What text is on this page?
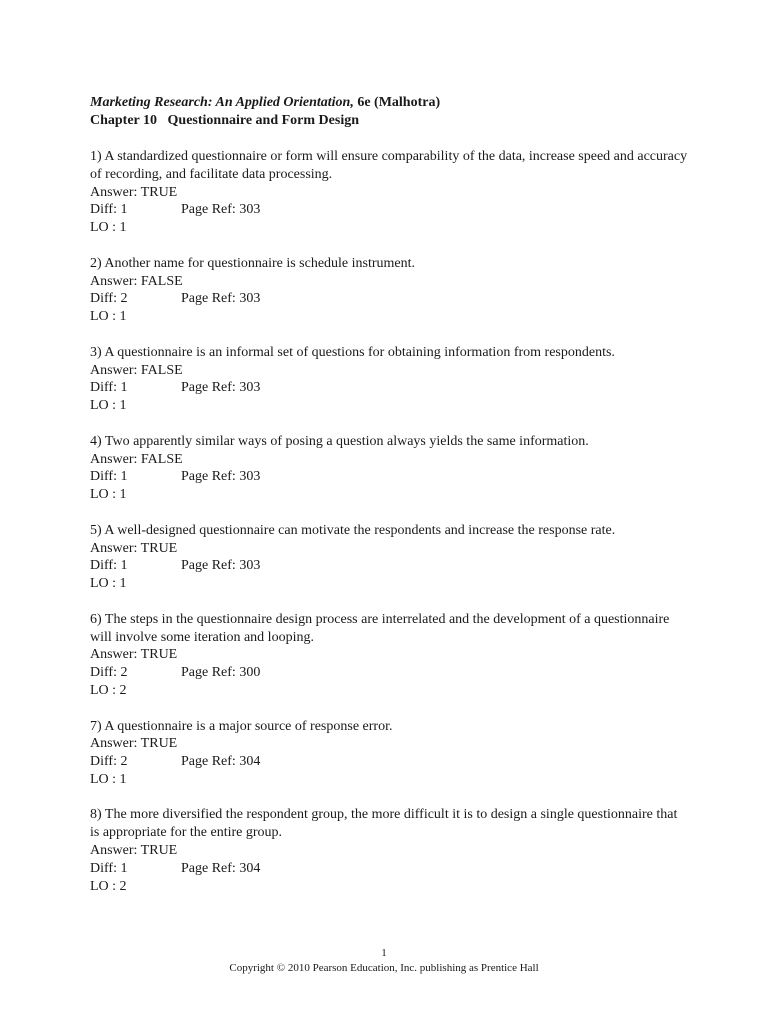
Marketing Research: An Applied Orientation, 6e (Malhotra)
Chapter 10   Questionnaire and Form Design
1) A standardized questionnaire or form will ensure comparability of the data, increase speed and accuracy of recording, and facilitate data processing.
Answer: TRUE
Diff: 1	Page Ref: 303
LO : 1
2) Another name for questionnaire is schedule instrument.
Answer: FALSE
Diff: 2	Page Ref: 303
LO : 1
3) A questionnaire is an informal set of questions for obtaining information from respondents.
Answer: FALSE
Diff: 1	Page Ref: 303
LO : 1
4) Two apparently similar ways of posing a question always yields the same information.
Answer: FALSE
Diff: 1	Page Ref: 303
LO : 1
5) A well-designed questionnaire can motivate the respondents and increase the response rate.
Answer: TRUE
Diff: 1	Page Ref: 303
LO : 1
6) The steps in the questionnaire design process are interrelated and the development of a questionnaire will involve some iteration and looping.
Answer: TRUE
Diff: 2	Page Ref: 300
LO : 2
7) A questionnaire is a major source of response error.
Answer: TRUE
Diff: 2	Page Ref: 304
LO : 1
8) The more diversified the respondent group, the more difficult it is to design a single questionnaire that is appropriate for the entire group.
Answer: TRUE
Diff: 1	Page Ref: 304
LO : 2
1
Copyright © 2010 Pearson Education, Inc. publishing as Prentice Hall
